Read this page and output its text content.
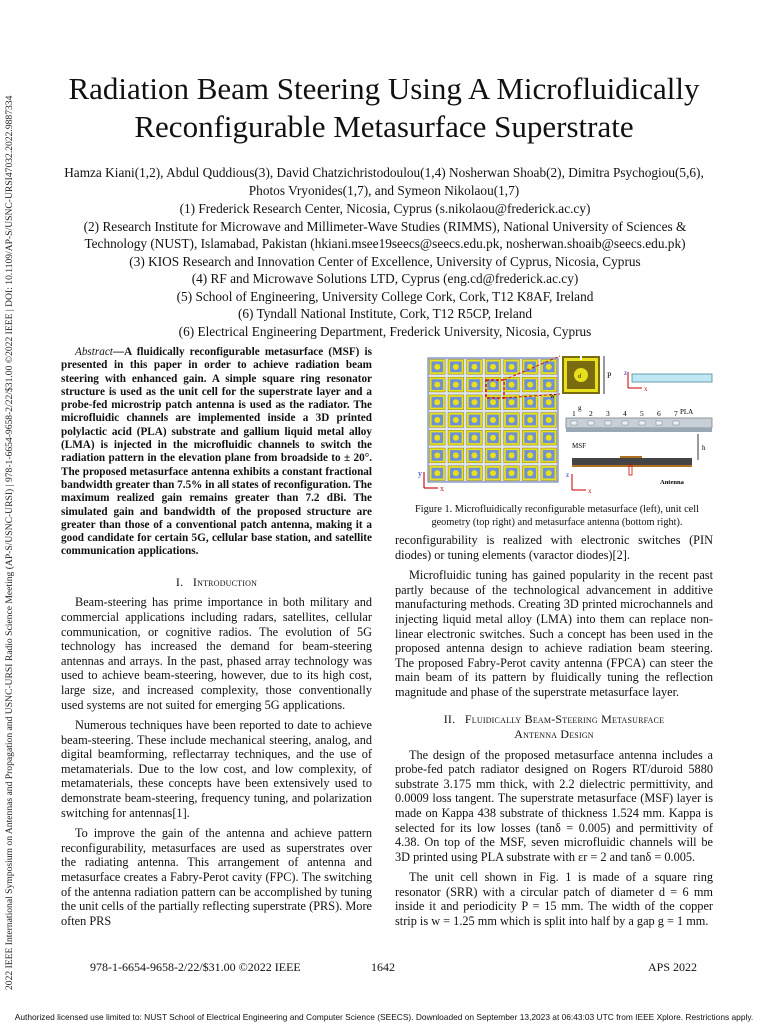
2022 IEEE International Symposium on Antennas and Propagation and USNC-URSI Radio Science Meeting (AP-S/USNC-URSI) | 978-1-6654-9658-2/22/$31.00 ©2022 IEEE | DOI: 10.1109/AP-S/USNC-URSI47032.2022.9887334
Radiation Beam Steering Using A Microfluidically
Reconfigurable Metasurface Superstrate
Hamza Kiani(1,2), Abdul Quddious(3), David Chatzichristodoulou(1,4) Nosherwan Shoab(2), Dimitra Psychogiou(5,6),
Photos Vryonides(1,7), and Symeon Nikolaou(1,7)
(1) Frederick Research Center, Nicosia, Cyprus (s.nikolaou@frederick.ac.cy)
(2) Research Institute for Microwave and Millimeter-Wave Studies (RIMMS), National University of Sciences &
Technology (NUST), Islamabad, Pakistan (hkiani.msee19seecs@seecs.edu.pk, nosherwan.shoaib@seecs.edu.pk)
(3) KIOS Research and Innovation Center of Excellence, University of Cyprus, Nicosia, Cyprus
(4) RF and Microwave Solutions LTD, Cyprus (eng.cd@frederick.ac.cy)
(5) School of Engineering, University College Cork, Cork, T12 K8AF, Ireland
(6) Tyndall National Institute, Cork, T12 R5CP, Ireland
(6) Electrical Engineering Department, Frederick University, Nicosia, Cyprus

Abstract—A fluidically reconfigurable metasurface (MSF) is presented in this paper in order to achieve radiation beam steering with enhanced gain. A simple square ring resonator structure is used as the unit cell for the superstrate layer and a probe-fed microstrip patch antenna is used as the radiator. The microfluidic channels are implemented inside a 3D printed polylactic acid (PLA) substrate and gallium liquid metal alloy (LMA) is injected in the microfluidic channels to switch the radiation pattern in the elevation plane from broadside to ± 20°. The proposed metasurface antenna exhibits a constant fractional bandwidth greater than 7.5% in all states of reconfiguration. The maximum realized gain remains greater than 7.2 dBi. The simulated gain and bandwidth of the proposed structure are greater than those of a conventional patch antenna, making it a good candidate for certain 5G, cellular base station, and satellite communication applications.

I. Introduction

Beam-steering has prime importance in both military and commercial applications including radars, satellites, cellular communication, or cognitive radios. The evolution of 5G technology has increased the demand for beam-steering antennas and arrays. In the past, phased array technology was used to achieve beam-steering, however, due to its high cost, large size, and increased complexity, those conventionally used systems are not suited for emerging 5G applications.

Numerous techniques have been reported to date to achieve beam-steering. These include mechanical steering, analog, and digital beamforming, reflectarray techniques, and the use of metamaterials. Due to the low cost, and low complexity, of metamaterials, these concepts have been extensively used to demonstrate beam-steering, frequency tuning, and polarization switching for antennas[1].

To improve the gain of the antenna and achieve pattern reconfigurability, metasurfaces are used as superstrates over the radiating antenna. This arrangement of antenna and metasurface creates a Fabry-Perot cavity (FPC). The switching of the antenna radiation pattern can be accomplished by tuning the unit cells of the partially reflecting superstrate (PRS). More often PRS

y
x
d	P
w
g
z
x
1 2 3 4 5 6 7 PLA
MSF	h
Antenna
z
x
Figure 1. Microfluidically reconfigurable metasurface (left), unit cell geometry (top right) and metasurface antenna (bottom right).

reconfigurability is realized with electronic switches (PIN diodes) or tuning elements (varactor diodes)[2].

Microfluidic tuning has gained popularity in the recent past partly because of the technological advancement in additive manufacturing methods. Creating 3D printed microchannels and injecting liquid metal alloy (LMA) into them can replace non-linear electronic switches. Such a concept has been used in the proposed antenna design to achieve radiation beam steering. The proposed Fabry-Perot cavity antenna (FPCA) can steer the main beam of its pattern by fluidically tuning the reflection magnitude and phase of the superstrate metasurface layer.

II. Fluidically Beam-Steering Metasurface
Antenna Design

The design of the proposed metasurface antenna includes a probe-fed patch radiator designed on Rogers RT/duroid 5880 substrate 3.175 mm thick, with 2.2 dielectric permittivity, and 0.0009 loss tangent. The superstrate metasurface (MSF) layer is made on Kappa 438 substrate of thickness 1.524 mm. Kappa is selected for its low losses (tanδ = 0.005) and permittivity of 4.38. On top of the MSF, seven microfluidic channels will be 3D printed using PLA substrate with εr = 2 and tanδ = 0.005.

The unit cell shown in Fig. 1 is made of a square ring resonator (SRR) with a circular patch of diameter d = 6 mm inside it and periodicity P = 15 mm. The width of the copper strip is w = 1.25 mm which is split into half by a gap g = 1 mm.

978-1-6654-9658-2/22/$31.00 ©2022 IEEE	1642	APS 2022
Authorized licensed use limited to: NUST School of Electrical Engineering and Computer Science (SEECS). Downloaded on September 13,2023 at 06:43:03 UTC from IEEE Xplore. Restrictions apply.
